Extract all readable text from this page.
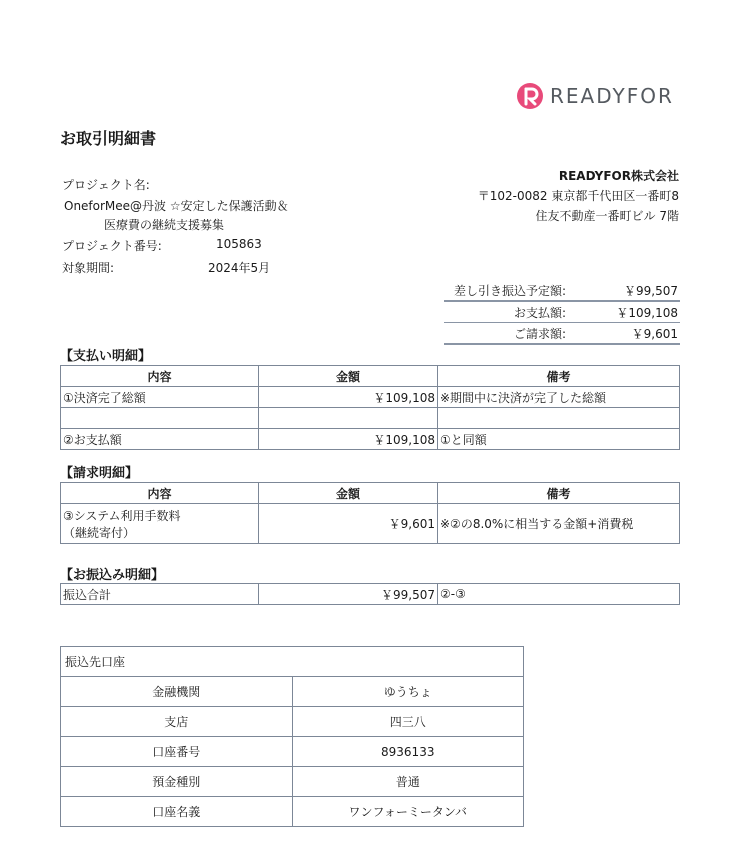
READYFOR
お取引明細書
プロジェクト名:
OneforMee@丹波 ☆安定した保護活動＆
医療費の継続支援募集
プロジェクト番号:	105863
対象期間:	2024年5月
READYFOR株式会社
〒102-0082 東京都千代田区一番町8
住友不動産一番町ビル 7階
差し引き振込予定額:	￥99,507
お支払額:	￥109,108
ご請求額:	￥9,601
【支払い明細】
内容	金額	備考
①決済完了総額	￥109,108	※期間中に決済が完了した総額

②お支払額	￥109,108	①と同額
【請求明細】
内容	金額	備考

③システム利用手数料
（継続寄付）	￥9,601	※②の8.0%に相当する金額+消費税
【お振込み明細】
振込合計	￥99,507	②-③
振込先口座	
金融機関	ゆうちょ
支店	四三八
口座番号	8936133
預金種別	普通
口座名義	ワンフォーミータンバ
